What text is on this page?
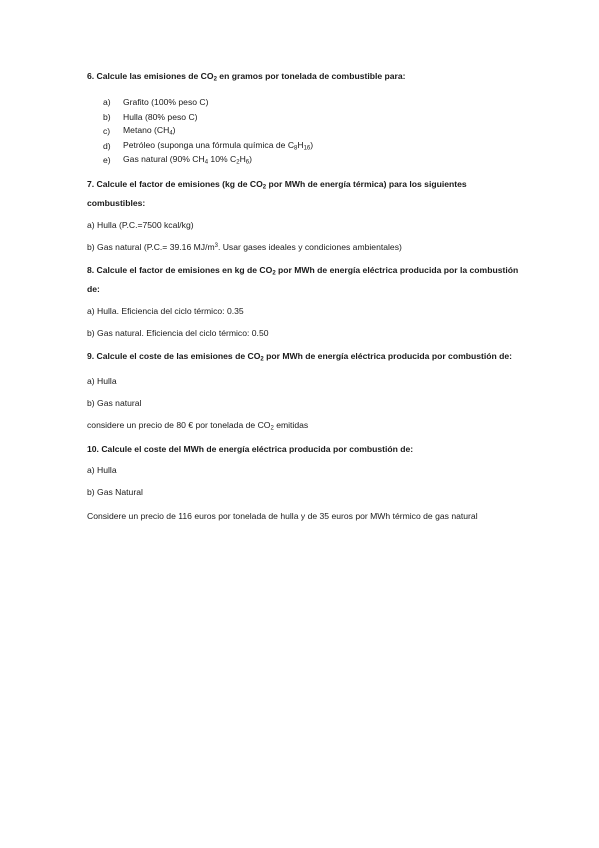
6. Calcule las emisiones de $CO_2$ en gramos por tonelada de combustible para:

a)	Grafito (100% peso C)
b)	Hulla (80% peso C)
c)	Metano $(CH_4)$
d)	Petróleo (suponga una fórmula química de $C_8H_{16}$)
e)	Gas natural (90% $CH_4$ 10% $C_2H_6$)

7. Calcule el factor de emisiones (kg de $CO_2$ por MWh de energía térmica) para los siguientes combustibles:

a) Hulla (P.C.=7500 kcal/kg)

b) Gas natural (P.C.= 39.16 $MJ/m^3$. Usar gases ideales y condiciones ambientales)

8. Calcule el factor de emisiones en kg de $CO_2$ por MWh de energía eléctrica producida por la combustión de:

a) Hulla. Eficiencia del ciclo térmico: 0.35

b) Gas natural. Eficiencia del ciclo térmico: 0.50

9. Calcule el coste de las emisiones de $CO_2$ por MWh de energía eléctrica producida por combustión de:

a) Hulla

b) Gas natural

considere un precio de 80 € por tonelada de $CO_2$ emitidas

10. Calcule el coste del MWh de energía eléctrica producida por combustión de:

a) Hulla

b) Gas Natural

Considere un precio de 116 euros por tonelada de hulla y de 35 euros por MWh térmico de gas natural
